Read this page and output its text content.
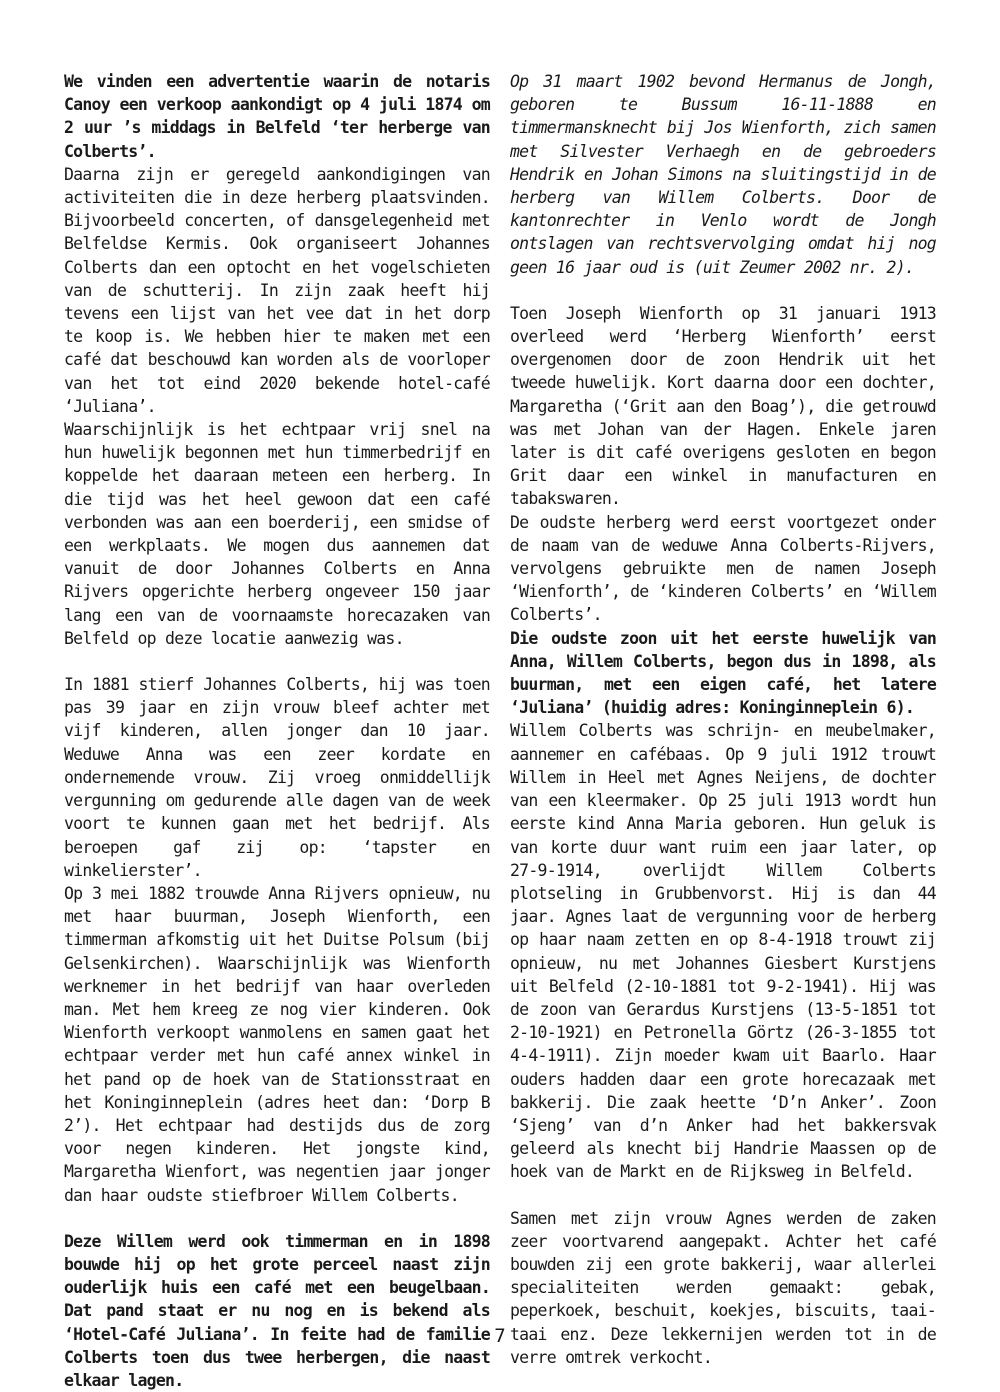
We vinden een advertentie waarin de notaris Canoy een verkoop aankondigt op 4 juli 1874 om 2 uur ’s middags in Belfeld ‘ter herberge van Colberts’.

Daarna zijn er geregeld aankondigingen van activiteiten die in deze herberg plaatsvinden. Bijvoorbeeld concerten, of dansgelegenheid met Belfeldse Kermis. Ook organiseert Johannes Colberts dan een optocht en het vogelschieten van de schutterij. In zijn zaak heeft hij tevens een lijst van het vee dat in het dorp te koop is. We hebben hier te maken met een café dat beschouwd kan worden als de voorloper van het tot eind 2020 bekende hotel-café ‘Juliana’.

Waarschijnlijk is het echtpaar vrij snel na hun huwelijk begonnen met hun timmerbedrijf en koppelde het daaraan meteen een herberg. In die tijd was het heel gewoon dat een café verbonden was aan een boerderij, een smidse of een werkplaats. We mogen dus aannemen dat vanuit de door Johannes Colberts en Anna Rijvers opgerichte herberg ongeveer 150 jaar lang een van de voornaamste horecazaken van Belfeld op deze locatie aanwezig was.

In 1881 stierf Johannes Colberts, hij was toen pas 39 jaar en zijn vrouw bleef achter met vijf kinderen, allen jonger dan 10 jaar. Weduwe Anna was een zeer kordate en ondernemende vrouw. Zij vroeg onmiddellijk vergunning om gedurende alle dagen van de week voort te kunnen gaan met het bedrijf. Als beroepen gaf zij op: ‘tapster en winkelierster’.

Op 3 mei 1882 trouwde Anna Rijvers opnieuw, nu met haar buurman, Joseph Wienforth, een timmerman afkomstig uit het Duitse Polsum (bij Gelsenkirchen). Waarschijnlijk was Wienforth werknemer in het bedrijf van haar overleden man. Met hem kreeg ze nog vier kinderen. Ook Wienforth verkoopt wanmolens en samen gaat het echtpaar verder met hun café annex winkel in het pand op de hoek van de Stationsstraat en het Koninginneplein (adres heet dan: ‘Dorp B 2’). Het echtpaar had destijds dus de zorg voor negen kinderen. Het jongste kind, Margaretha Wienfort, was negentien jaar jonger dan haar oudste stiefbroer Willem Colberts.

Deze Willem werd ook timmerman en in 1898 bouwde hij op het grote perceel naast zijn ouderlijk huis een café met een beugelbaan. Dat pand staat er nu nog en is bekend als ‘Hotel-Café Juliana’. In feite had de familie Colberts toen dus twee herbergen, die naast elkaar lagen.

Op 31 maart 1902 bevond Hermanus de Jongh, geboren te Bussum 16-11-1888 en timmermansknecht bij Jos Wienforth, zich samen met Silvester Verhaegh en de gebroeders Hendrik en Johan Simons na sluitingstijd in de herberg van Willem Colberts. Door de kantonrechter in Venlo wordt de Jongh ontslagen van rechtsvervolging omdat hij nog geen 16 jaar oud is (uit Zeumer 2002 nr. 2).

Toen Joseph Wienforth op 31 januari 1913 overleed werd ‘Herberg Wienforth’ eerst overgenomen door de zoon Hendrik uit het tweede huwelijk. Kort daarna door een dochter, Margaretha (‘Grit aan den Boag’), die getrouwd was met Johan van der Hagen. Enkele jaren later is dit café overigens gesloten en begon Grit daar een winkel in manufacturen en tabakswaren.

De oudste herberg werd eerst voortgezet onder de naam van de weduwe Anna Colberts-Rijvers, vervolgens gebruikte men de namen Joseph ‘Wienforth’, de ‘kinderen Colberts’ en ‘Willem Colberts’.

Die oudste zoon uit het eerste huwelijk van Anna, Willem Colberts, begon dus in 1898, als buurman, met een eigen café, het latere ‘Juliana’ (huidig adres: Koninginneplein 6).

Willem Colberts was schrijn- en meubelmaker, aannemer en cafébaas. Op 9 juli 1912 trouwt Willem in Heel met Agnes Neijens, de dochter van een kleermaker. Op 25 juli 1913 wordt hun eerste kind Anna Maria geboren. Hun geluk is van korte duur want ruim een jaar later, op 27-9-1914, overlijdt Willem Colberts plotseling in Grubbenvorst. Hij is dan 44 jaar. Agnes laat de vergunning voor de herberg op haar naam zetten en op 8-4-1918 trouwt zij opnieuw, nu met Johannes Giesbert Kurstjens uit Belfeld (2-10-1881 tot 9-2-1941). Hij was de zoon van Gerardus Kurstjens (13-5-1851 tot 2-10-1921) en Petronella Görtz (26-3-1855 tot 4-4-1911). Zijn moeder kwam uit Baarlo. Haar ouders hadden daar een grote horecazaak met bakkerij. Die zaak heette ‘D’n Anker’. Zoon ‘Sjeng’ van d’n Anker had het bakkersvak geleerd als knecht bij Handrie Maassen op de hoek van de Markt en de Rijksweg in Belfeld.

Samen met zijn vrouw Agnes werden de zaken zeer voortvarend aangepakt. Achter het café bouwden zij een grote bakkerij, waar allerlei specialiteiten werden gemaakt: gebak, peperkoek, beschuit, koekjes, biscuits, taai-taai enz. Deze lekkernijen werden tot in de verre omtrek verkocht.

7
